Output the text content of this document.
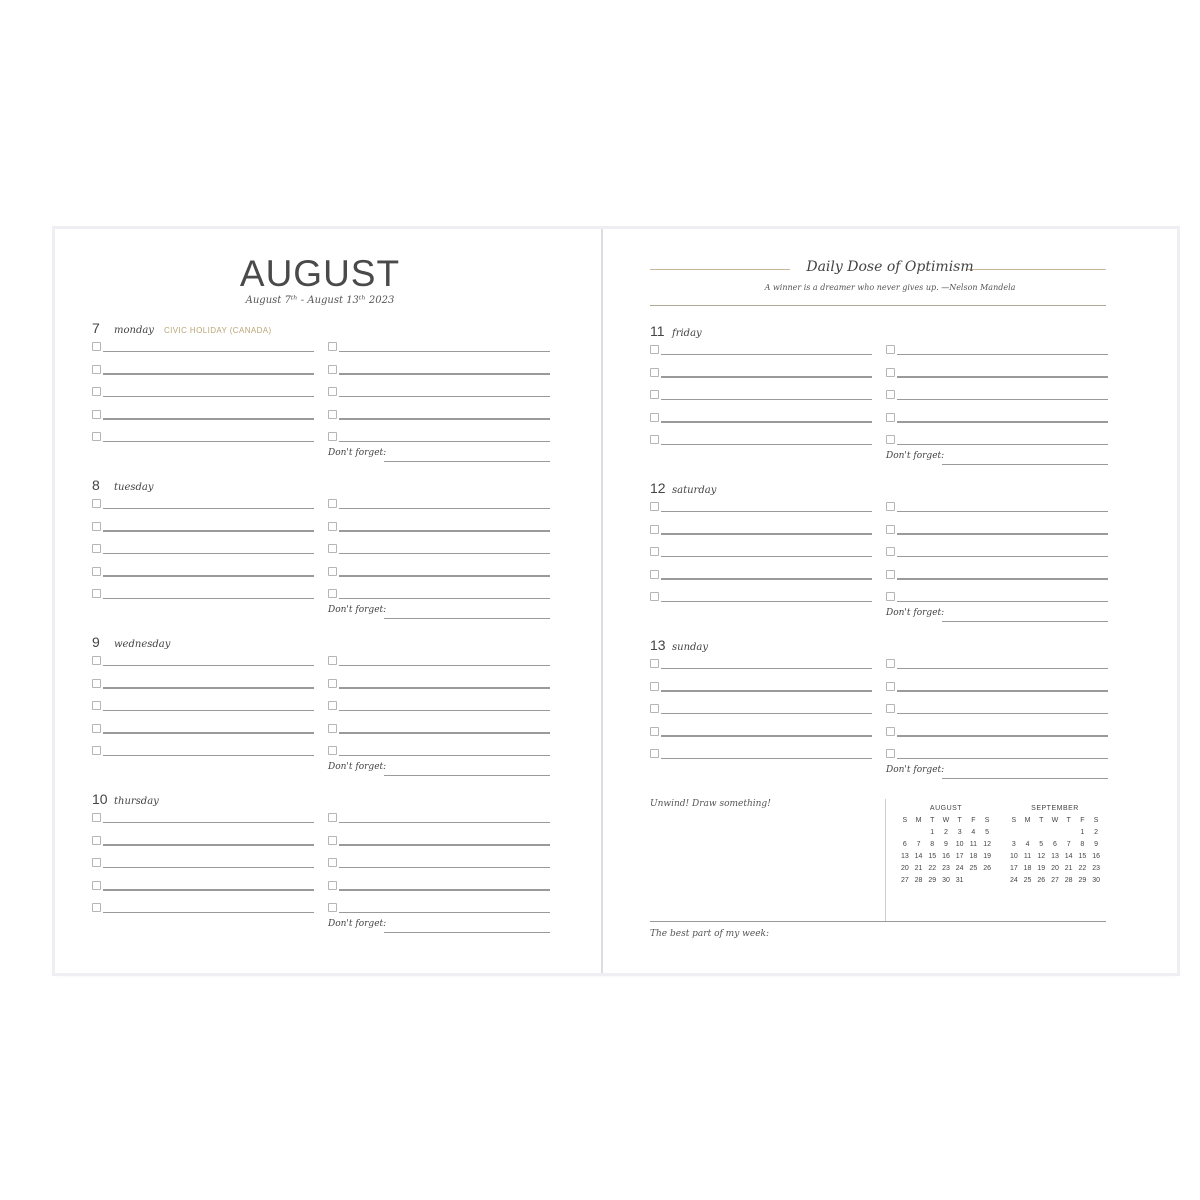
AUGUST
August 7ᵗʰ - August 13ᵗʰ 2023
7	monday CIVIC HOLIDAY (CANADA)
Don't forget:
8	tuesday
Don't forget:
9	wednesday
Don't forget:
10 thursday
Don't forget:
Daily Dose of Optimism
A winner is a dreamer who never gives up. —Nelson Mandela
11 friday
Don't forget:
12 saturday
Don't forget:
13 sunday
Don't forget:
Unwind! Draw something!	AUGUST
S	M	T	W	T	F	S
		1	2	3	4	5
6	7	8	9	10	11	12
13	14	15	16	17	18	19
20	21	22	23	24	25	26
27	28	29	30	31		
SEPTEMBER
S	M	T	W	T	F	S
					1	2
3	4	5	6	7	8	9
10	11	12	13	14	15	16
17	18	19	20	21	22	23
24	25	26	27	28	29	30
The best part of my week:
